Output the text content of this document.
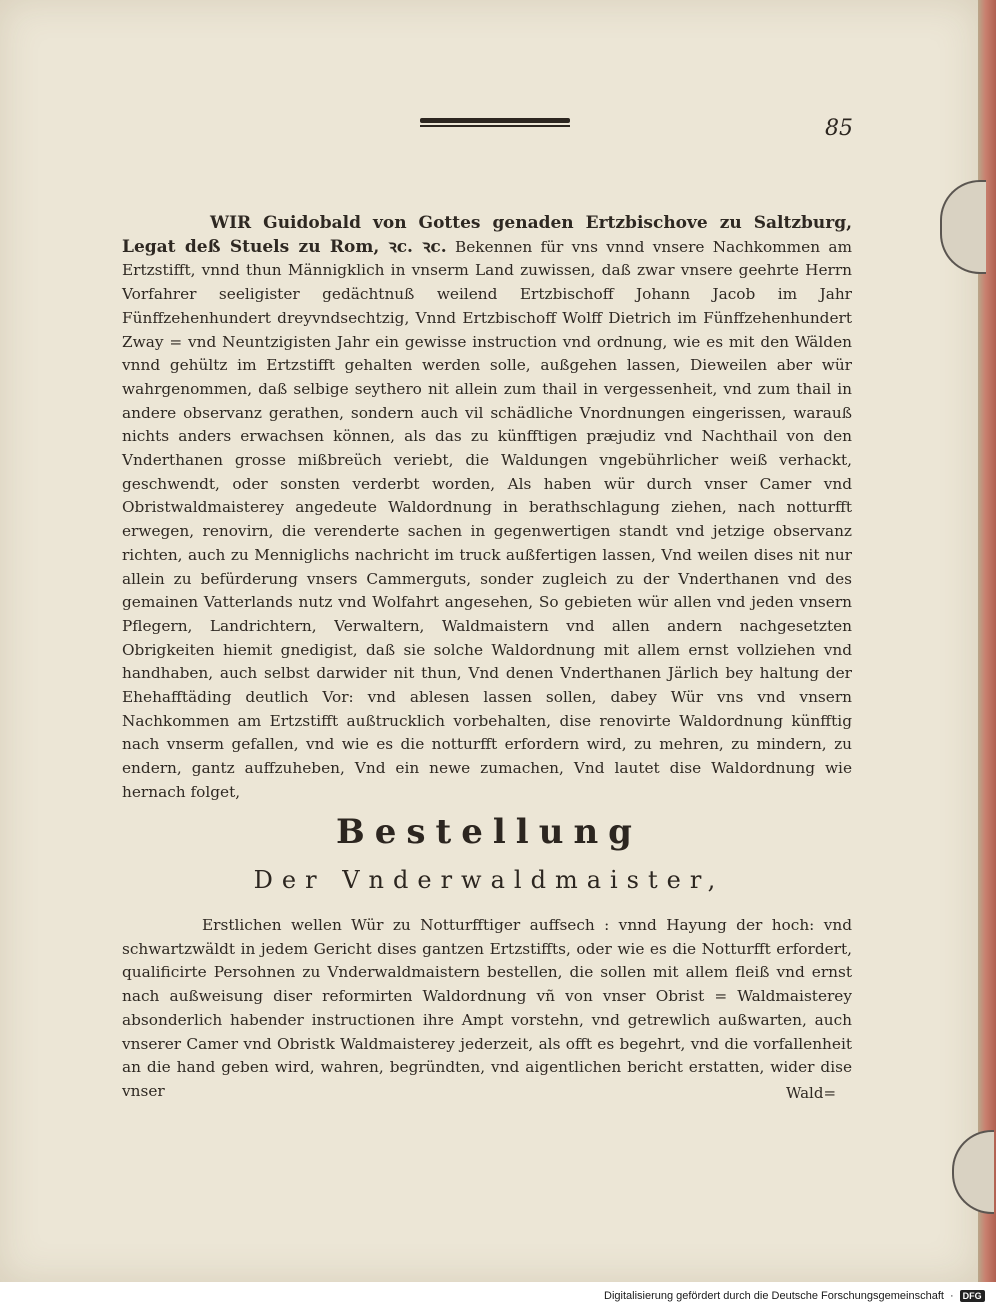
85

WIR Guidobald von Gottes genaden Ertzbischove zu Saltzburg, Legat deß Stuels zu Rom, ꝛc. ꝛc. Bekennen für vns vnnd vnsere Nachkommen am Ertzstifft, vnnd thun Männigklich in vnserm Land zuwissen, daß zwar vnsere geehrte Herrn Vorfahrer seeligister gedächtnuß weilend Ertzbischoff Johann Jacob im Jahr Fünffzehenhundert dreyvndsechtzig, Vnnd Ertzbischoff Wolff Dietrich im Fünffzehenhundert Zway = vnd Neuntzigisten Jahr ein gewisse instruction vnd ordnung, wie es mit den Wälden vnnd gehültz im Ertzstifft gehalten werden solle, außgehen lassen, Dieweilen aber wür wahrgenommen, daß selbige seythero nit allein zum thail in vergessenheit, vnd zum thail in andere observanz gerathen, sondern auch vil schädliche Vnordnungen eingerissen, warauß nichts anders erwachsen können, als das zu künfftigen præjudiz vnd Nachthail von den Vnderthanen grosse mißbreüch veriebt, die Waldungen vngebührlicher weiß verhackt, geschwendt, oder sonsten verderbt worden, Als haben wür durch vnser Camer vnd Obristwaldmaisterey angedeute Waldordnung in berathschlagung ziehen, nach notturfft erwegen, renovirn, die verenderte sachen in gegenwertigen standt vnd jetzige observanz richten, auch zu Menniglichs nachricht im truck außfertigen lassen, Vnd weilen dises nit nur allein zu befürderung vnsers Cammerguts, sonder zugleich zu der Vnderthanen vnd des gemainen Vatterlands nutz vnd Wolfahrt angesehen, So gebieten wür allen vnd jeden vnsern Pflegern, Landrichtern, Verwaltern, Waldmaistern vnd allen andern nachgesetzten Obrigkeiten hiemit gnedigist, daß sie solche Waldordnung mit allem ernst vollziehen vnd handhaben, auch selbst darwider nit thun, Vnd denen Vnderthanen Järlich bey haltung der Ehehafftäding deutlich Vor: vnd ablesen lassen sollen, dabey Wür vns vnd vnsern Nachkommen am Ertzstifft außtrucklich vorbehalten, dise renovirte Waldordnung künfftig nach vnserm gefallen, vnd wie es die notturfft erfordern wird, zu mehren, zu mindern, zu endern, gantz auffzuheben, Vnd ein newe zumachen, Vnd lautet dise Waldordnung wie hernach folget,

Bestellung
Der Vnderwaldmaister,

Erstlichen wellen Wür zu Notturfftiger auffsech : vnnd Hayung der hoch: vnd schwartzwäldt in jedem Gericht dises gantzen Ertzstiffts, oder wie es die Notturfft erfordert, qualificirte Persohnen zu Vnderwaldmaistern bestellen, die sollen mit allem fleiß vnd ernst nach außweisung diser reformirten Waldordnung vñ von vnser Obrist = Waldmaisterey absonderlich habender instructionen ihre Ampt vorstehn, vnd getrewlich außwarten, auch vnserer Camer vnd Obristk Waldmaisterey jederzeit, als offt es begehrt, vnd die vorfallenheit an die hand geben wird, wahren, begründten, vnd aigentlichen bericht erstatten, wider dise vnser	Wald=
Digitalisierung gefördert durch die Deutsche Forschungsgemeinschaft ·	DFG
